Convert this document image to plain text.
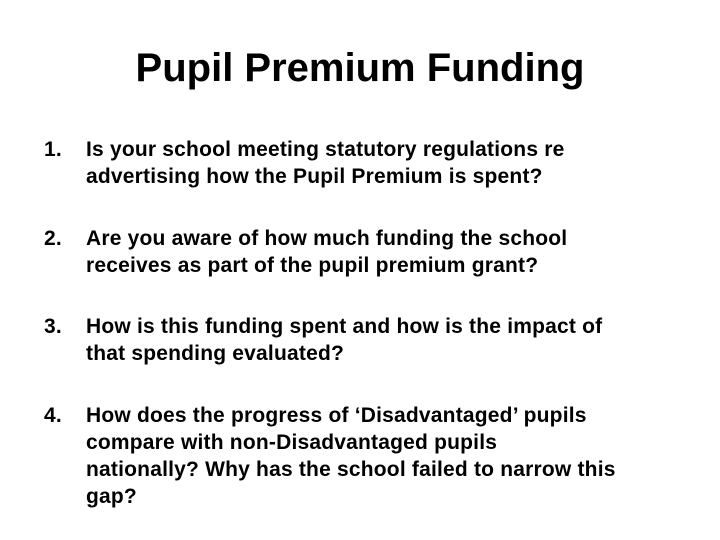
Pupil Premium Funding
1.	Is your school meeting statutory regulations re
advertising how the Pupil Premium is spent?
2.	Are you aware of how much funding the school
receives as part of the pupil premium grant?
3.	How is this funding spent and how is the impact of
that spending evaluated?
4.	How does the progress of ‘Disadvantaged’ pupils
compare with non-Disadvantaged pupils
nationally? Why has the school failed to narrow this
gap?
